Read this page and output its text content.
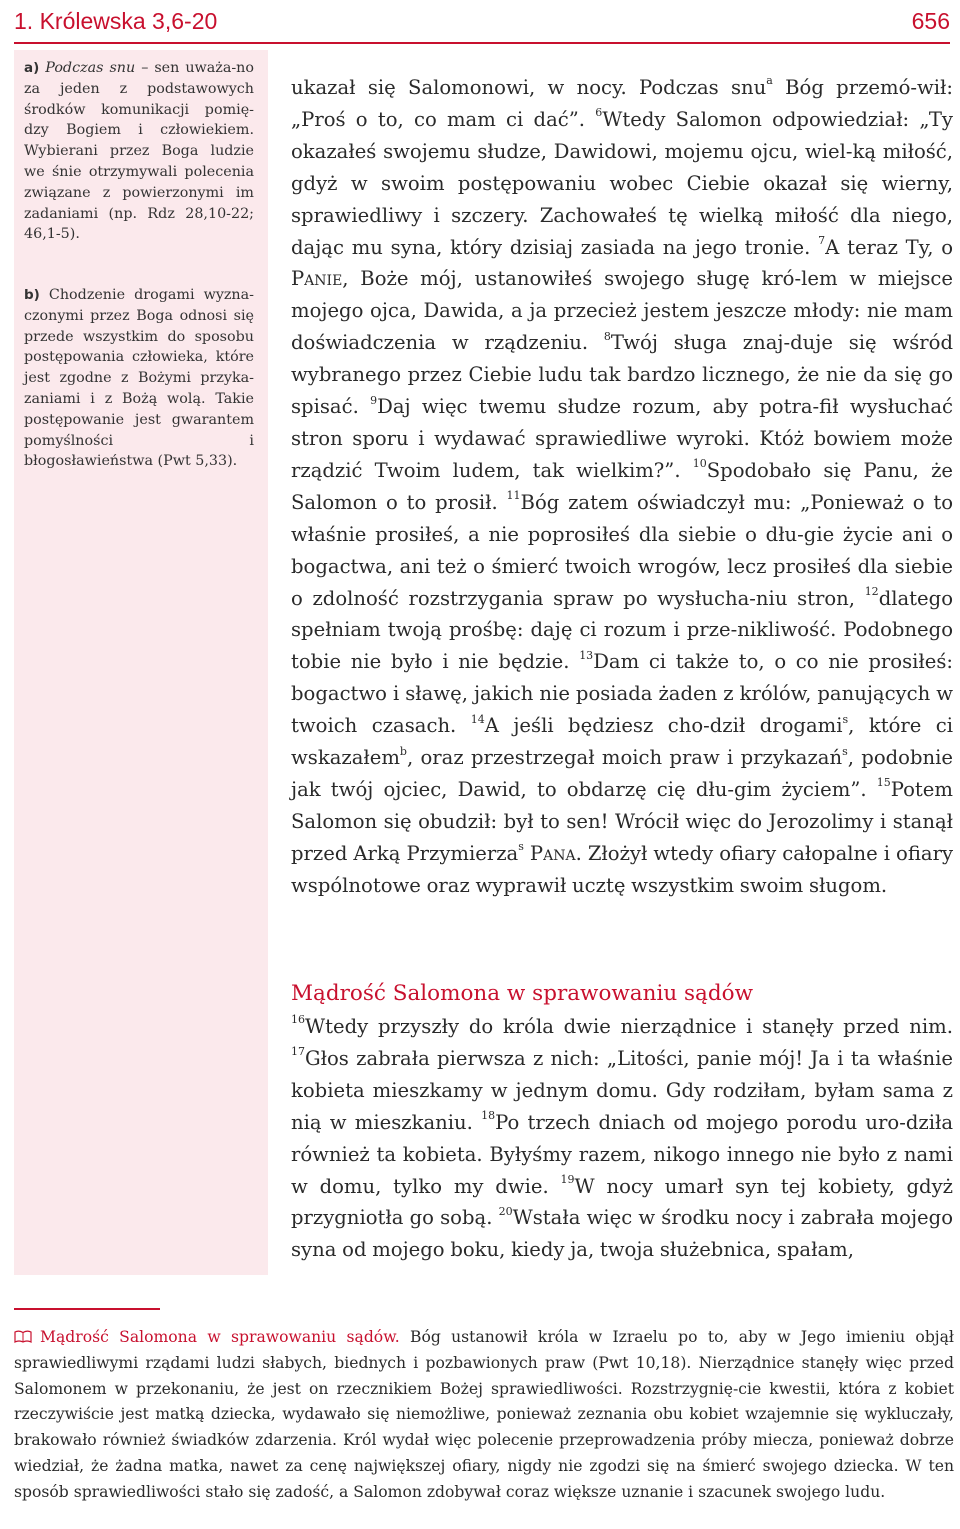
1. Królewska 3,6-20	656
a) Podczas snu – sen uważa-no za jeden z podstawowych środków komunikacji pomię-dzy Bogiem i człowiekiem. Wybierani przez Boga ludzie we śnie otrzymywali polecenia związane z powierzonymi im zadaniami (np. Rdz 28,10-22; 46,1-5).
b) Chodzenie drogami wyzna-czonymi przez Boga odnosi się przede wszystkim do sposobu postępowania człowieka, które jest zgodne z Bożymi przyka-zaniami i z Bożą wolą. Takie postępowanie jest gwarantem pomyślności i błogosławieństwa (Pwt 5,33).
ukazał się Salomonowi, w nocy. Podczas snu$^a$ Bóg przemó-wił: „Proś o to, co mam ci dać”. $^6$Wtedy Salomon odpowiedział: „Ty okazałeś swojemu słudze, Dawidowi, mojemu ojcu, wiel-ką miłość, gdyż w swoim postępowaniu wobec Ciebie okazał się wierny, sprawiedliwy i szczery. Zachowałeś tę wielką miłość dla niego, dając mu syna, który dzisiaj zasiada na jego tronie. $^7$A teraz Ty, o Panie, Boże mój, ustanowiłeś swojego sługę kró-lem w miejsce mojego ojca, Dawida, a ja przecież jestem jeszcze młody: nie mam doświadczenia w rządzeniu. $^8$Twój sługa znaj-duje się wśród wybranego przez Ciebie ludu tak bardzo licznego, że nie da się go spisać. $^9$Daj więc twemu słudze rozum, aby potra-fił wysłuchać stron sporu i wydawać sprawiedliwe wyroki. Któż bowiem może rządzić Twoim ludem, tak wielkim?”. $^{10}$Spodobało się Panu, że Salomon o to prosił. $^{11}$Bóg zatem oświadczył mu: „Ponieważ o to właśnie prosiłeś, a nie poprosiłeś dla siebie o dłu-gie życie ani o bogactwa, ani też o śmierć twoich wrogów, lecz prosiłeś dla siebie o zdolność rozstrzygania spraw po wysłucha-niu stron, $^{12}$dlatego spełniam twoją prośbę: daję ci rozum i prze-nikliwość. Podobnego tobie nie było i nie będzie. $^{13}$Dam ci także to, o co nie prosiłeś: bogactwo i sławę, jakich nie posiada żaden z królów, panujących w twoich czasach. $^{14}$A jeśli będziesz cho-dził drogami$^s$, które ci wskazałem$^b$, oraz przestrzegał moich praw i przykazań$^s$, podobnie jak twój ojciec, Dawid, to obdarzę cię dłu-gim życiem”. $^{15}$Potem Salomon się obudził: był to sen! Wrócił więc do Jerozolimy i stanął przed Arką Przymierza$^s$ Pana. Złożył wtedy ofiary całopalne i ofiary wspólnotowe oraz wyprawił ucztę wszystkim swoim sługom.
Mądrość Salomona w sprawowaniu sądów
$^{16}$Wtedy przyszły do króla dwie nierządnice i stanęły przed nim. $^{17}$Głos zabrała pierwsza z nich: „Litości, panie mój! Ja i ta właśnie kobieta mieszkamy w jednym domu. Gdy rodziłam, byłam sama z nią w mieszkaniu. $^{18}$Po trzech dniach od mojego porodu uro-dziła również ta kobieta. Byłyśmy razem, nikogo innego nie było z nami w domu, tylko my dwie. $^{19}$W nocy umarł syn tej kobiety, gdyż przygniotła go sobą. $^{20}$Wstała więc w środku nocy i zabrała mojego syna od mojego boku, kiedy ja, twoja służebnica, spałam,
Mądrość Salomona w sprawowaniu sądów. Bóg ustanowił króla w Izraelu po to, aby w Jego imieniu objął sprawiedliwymi rządami ludzi słabych, biednych i pozbawionych praw (Pwt 10,18). Nierządnice stanęły więc przed Salomonem w przekonaniu, że jest on rzecznikiem Bożej sprawiedliwości. Rozstrzygnię-cie kwestii, która z kobiet rzeczywiście jest matką dziecka, wydawało się niemożliwe, ponieważ zeznania obu kobiet wzajemnie się wykluczały, brakowało również świadków zdarzenia. Król wydał więc polecenie przeprowadzenia próby miecza, ponieważ dobrze wiedział, że żadna matka, nawet za cenę największej ofiary, nigdy nie zgodzi się na śmierć swojego dziecka. W ten sposób sprawiedliwości stało się zadość, a Salomon zdobywał coraz większe uznanie i szacunek swojego ludu.
